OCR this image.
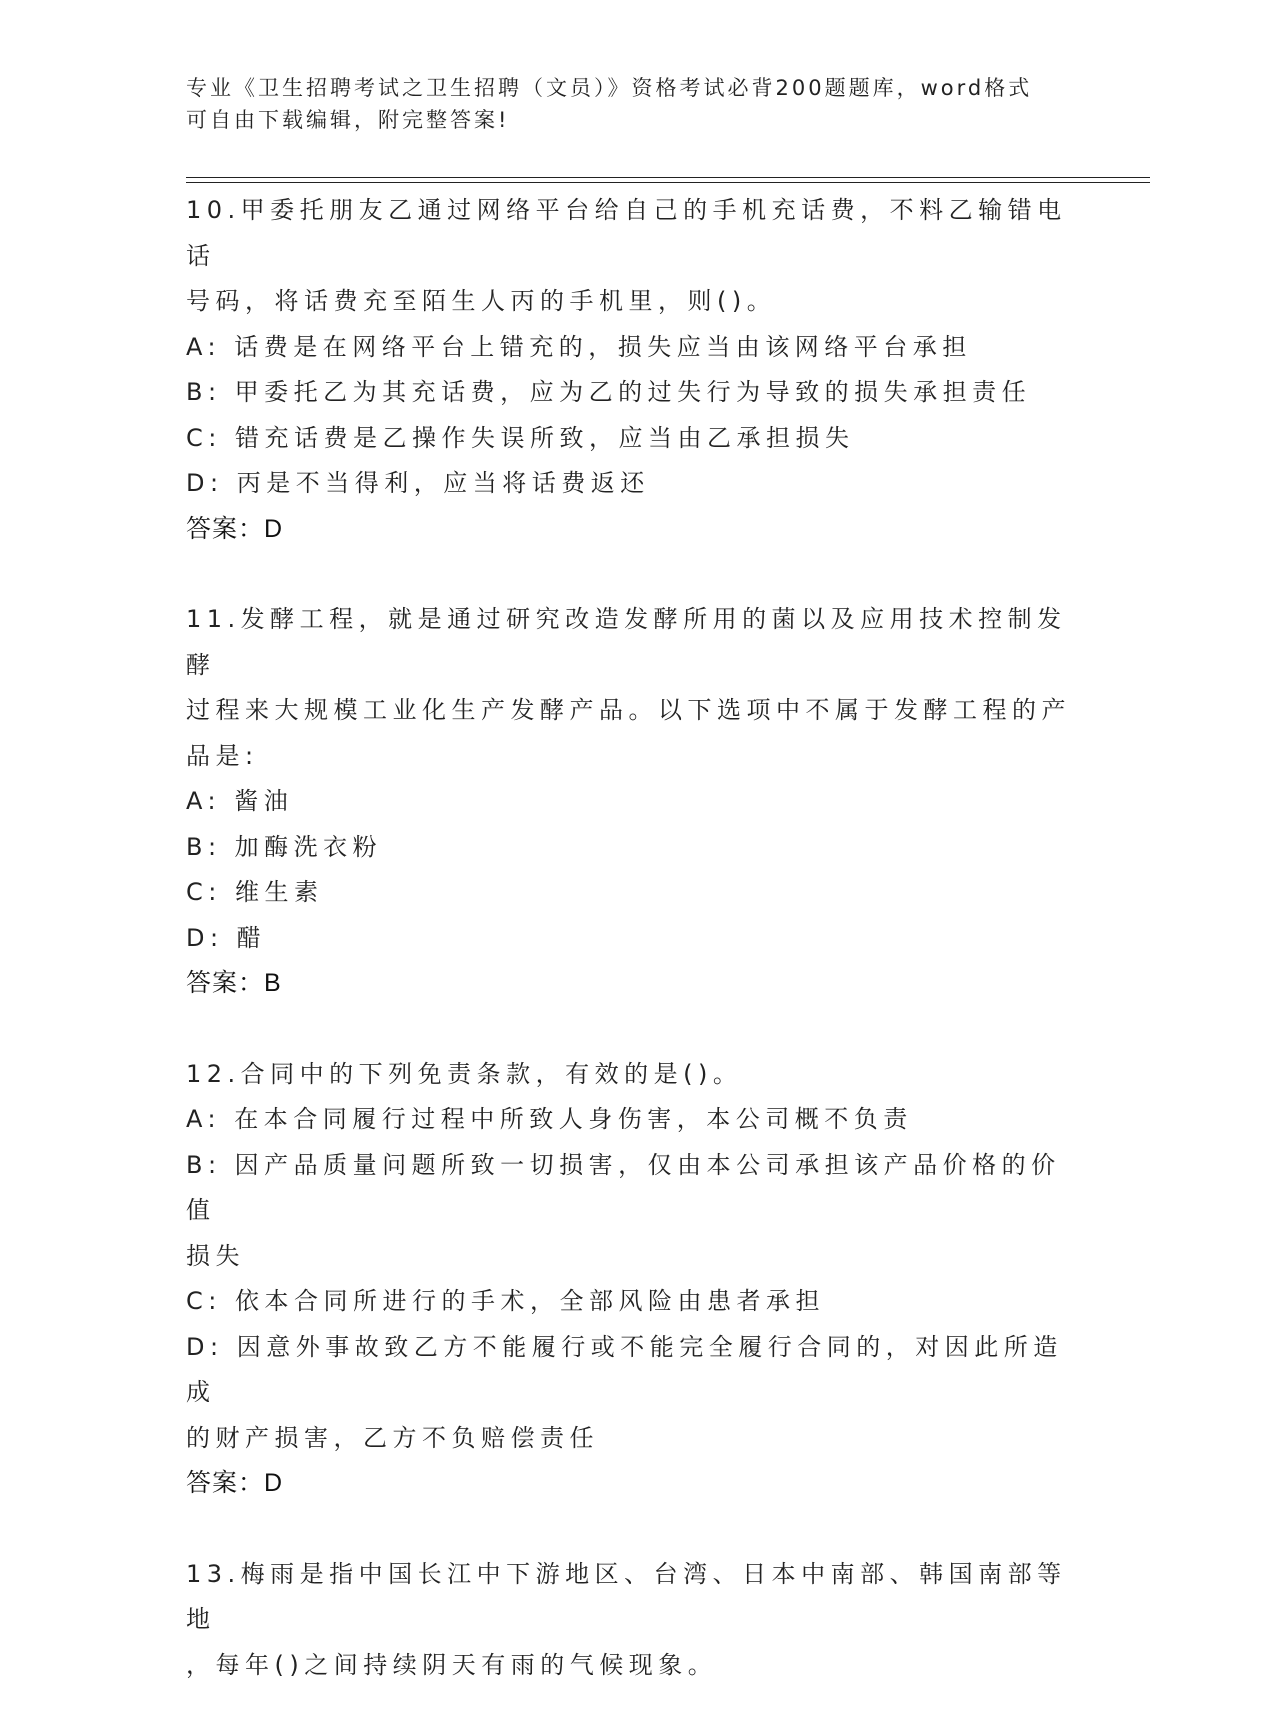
专业《卫生招聘考试之卫生招聘（文员）》资格考试必背200题题库，word格式
可自由下载编辑，附完整答案!
10.甲委托朋友乙通过网络平台给自己的手机充话费，不料乙输错电话
号码，将话费充至陌生人丙的手机里，则()。
A: 话费是在网络平台上错充的，损失应当由该网络平台承担
B: 甲委托乙为其充话费，应为乙的过失行为导致的损失承担责任
C: 错充话费是乙操作失误所致，应当由乙承担损失
D: 丙是不当得利，应当将话费返还
答案：D
11.发酵工程，就是通过研究改造发酵所用的菌以及应用技术控制发酵
过程来大规模工业化生产发酵产品。以下选项中不属于发酵工程的产
品是:
A: 酱油
B: 加酶洗衣粉
C: 维生素
D: 醋
答案：B
12.合同中的下列免责条款，有效的是()。
A: 在本合同履行过程中所致人身伤害，本公司概不负责
B: 因产品质量问题所致一切损害，仅由本公司承担该产品价格的价值
损失
C: 依本合同所进行的手术，全部风险由患者承担
D: 因意外事故致乙方不能履行或不能完全履行合同的，对因此所造成
的财产损害，乙方不负赔偿责任
答案：D
13.梅雨是指中国长江中下游地区、台湾、日本中南部、韩国南部等地
，每年()之间持续阴天有雨的气候现象。
